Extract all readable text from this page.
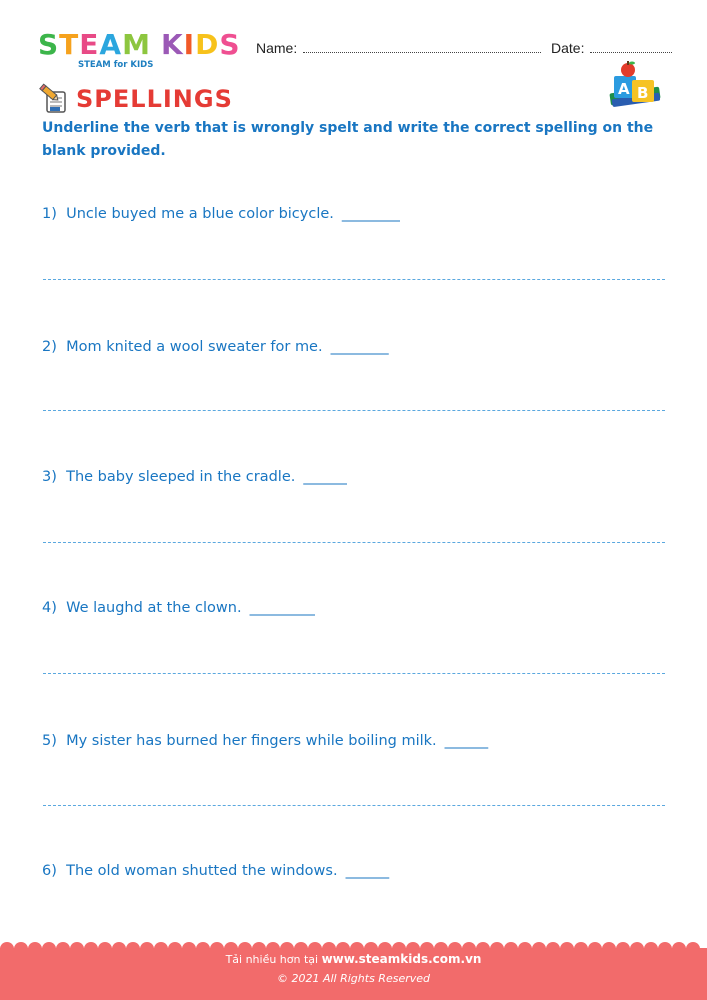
STEAM KIDS
STEAM for KIDS
Name:	Date:
A B
SPELLINGS
Underline the verb that is wrongly spelt and write the correct spelling on the blank provided.
1) Uncle buyed me a blue color bicycle. ________
2) Mom knited a wool sweater for me. ________
3) The baby sleeped in the cradle. ______
4) We laughd at the clown. _________
5) My sister has burned her fingers while boiling milk. ______
6) The old woman shutted the windows. ______
Tải nhiều hơn tại www.steamkids.com.vn
© 2021 All Rights Reserved
